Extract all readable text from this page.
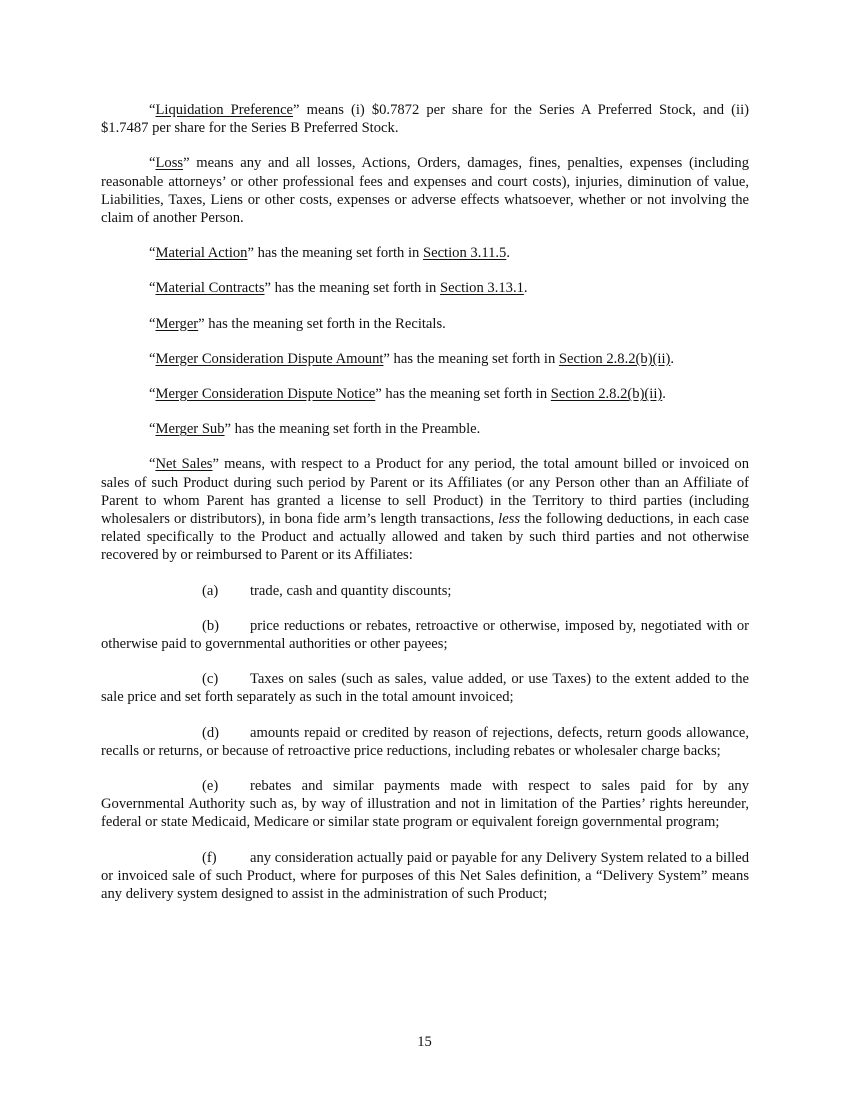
“Liquidation Preference” means (i) $0.7872 per share for the Series A Preferred Stock, and (ii) $1.7487 per share for the Series B Preferred Stock.

“Loss” means any and all losses, Actions, Orders, damages, fines, penalties, expenses (including reasonable attorneys’ or other professional fees and expenses and court costs), injuries, diminution of value, Liabilities, Taxes, Liens or other costs, expenses or adverse effects whatsoever, whether or not involving the claim of another Person.

“Material Action” has the meaning set forth in Section 3.11.5.

“Material Contracts” has the meaning set forth in Section 3.13.1.

“Merger” has the meaning set forth in the Recitals.

“Merger Consideration Dispute Amount” has the meaning set forth in Section 2.8.2(b)(ii).

“Merger Consideration Dispute Notice” has the meaning set forth in Section 2.8.2(b)(ii).

“Merger Sub” has the meaning set forth in the Preamble.

“Net Sales” means, with respect to a Product for any period, the total amount billed or invoiced on sales of such Product during such period by Parent or its Affiliates (or any Person other than an Affiliate of Parent to whom Parent has granted a license to sell Product) in the Territory to third parties (including wholesalers or distributors), in bona fide arm’s length transactions, less the following deductions, in each case related specifically to the Product and actually allowed and taken by such third parties and not otherwise recovered by or reimbursed to Parent or its Affiliates:

(a) trade, cash and quantity discounts;

(b) price reductions or rebates, retroactive or otherwise, imposed by, negotiated with or otherwise paid to governmental authorities or other payees;

(c) Taxes on sales (such as sales, value added, or use Taxes) to the extent added to the sale price and set forth separately as such in the total amount invoiced;

(d) amounts repaid or credited by reason of rejections, defects, return goods allowance, recalls or returns, or because of retroactive price reductions, including rebates or wholesaler charge backs;

(e) rebates and similar payments made with respect to sales paid for by any Governmental Authority such as, by way of illustration and not in limitation of the Parties’ rights hereunder, federal or state Medicaid, Medicare or similar state program or equivalent foreign governmental program;

(f) any consideration actually paid or payable for any Delivery System related to a billed or invoiced sale of such Product, where for purposes of this Net Sales definition, a “Delivery System” means any delivery system designed to assist in the administration of such Product;

15
